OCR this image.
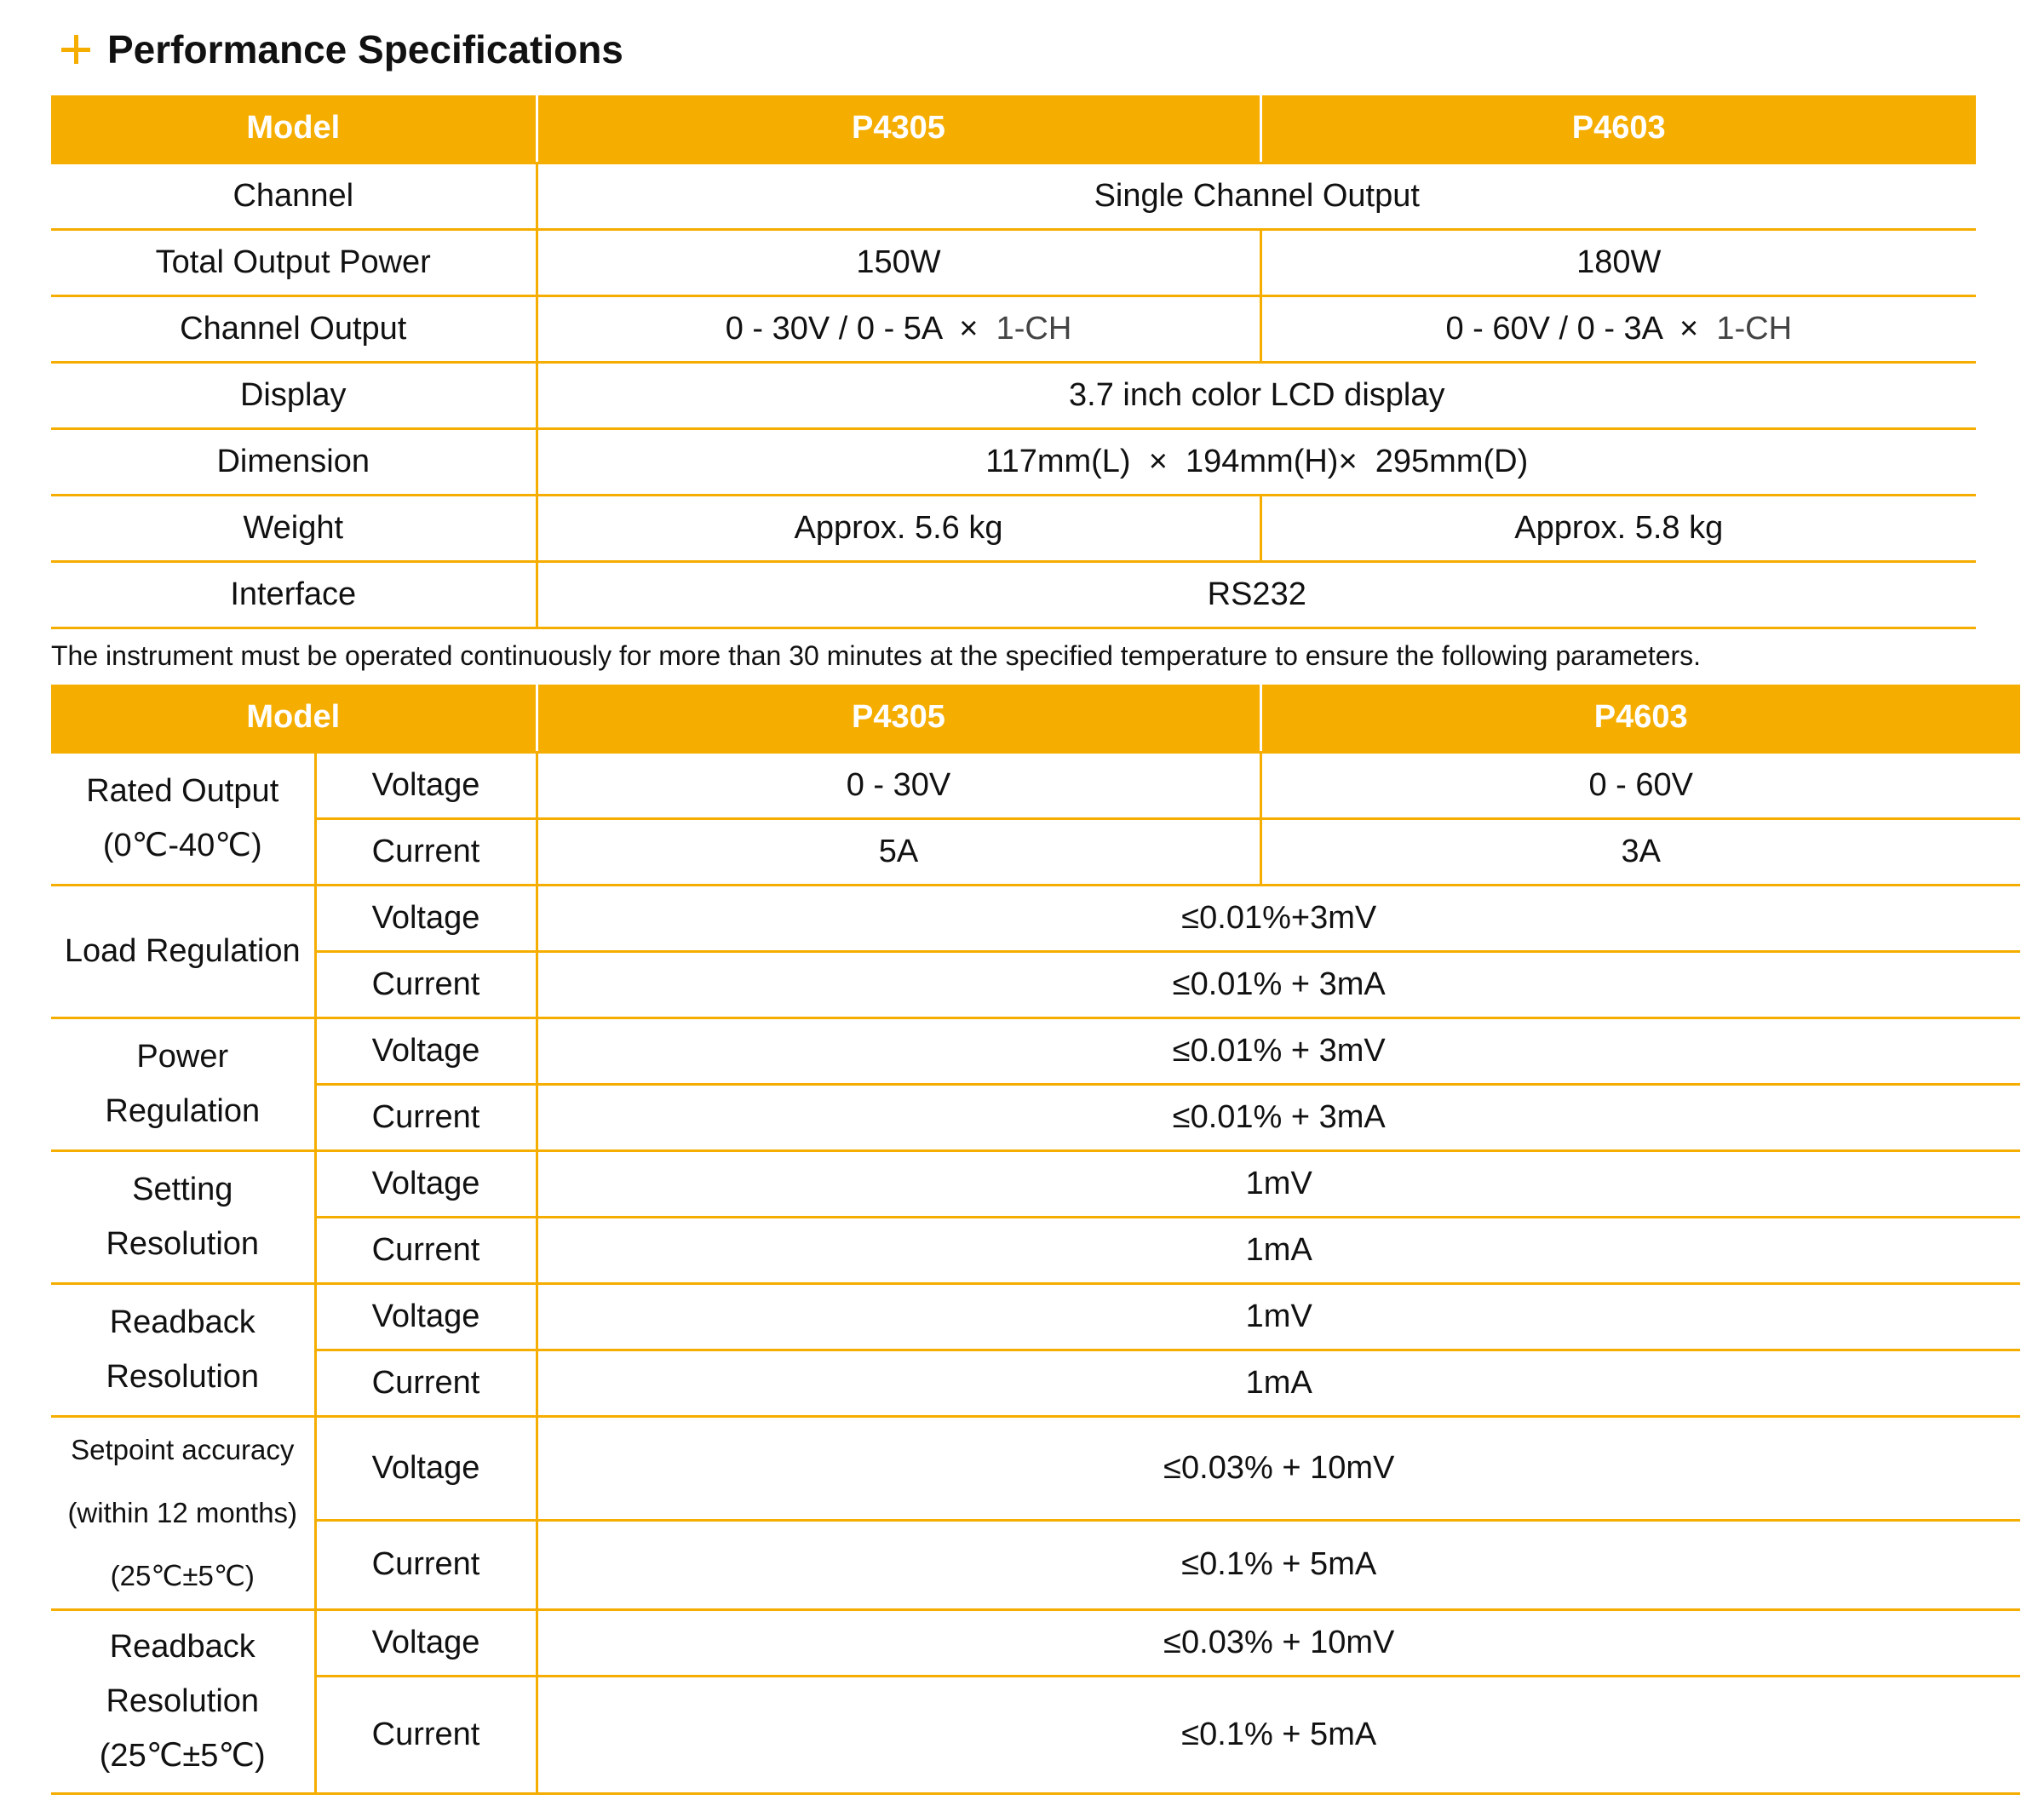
Performance Specifications
Model	P4305	P4603
Channel	Single Channel Output	
Total Output Power	150W	180W
Channel Output	0 - 30V / 0 - 5A × 1-CH	0 - 60V / 0 - 3A × 1-CH
Display	3.7 inch color LCD display	
Dimension	117mm(L)  ×  194mm(H)×  295mm(D)	
Weight	Approx. 5.6 kg	Approx. 5.8 kg
Interface	RS232	
The instrument must be operated continuously for more than 30 minutes at the specified temperature to ensure the following parameters.
Model		P4305	P4603

Rated Output
(0℃-40℃)	Voltage	0 - 30V	0 - 60V
	Current	5A	3A
Load Regulation	Voltage	≤0.01%+3mV	
	Current	≤0.01% + 3mA	

Power
Regulation	Voltage	≤0.01% + 3mV	
	Current	≤0.01% + 3mA	

Setting
Resolution	Voltage	1mV	
	Current	1mA	

Readback
Resolution	Voltage	1mV	
	Current	1mA	

Setpoint accuracy
(within 12 months)
(25℃±5℃)	Voltage	≤0.03% + 10mV	
	Current	≤0.1% + 5mA	

Readback
Resolution
(25℃±5℃)	Voltage	≤0.03% + 10mV	
	Current	≤0.1% + 5mA	
